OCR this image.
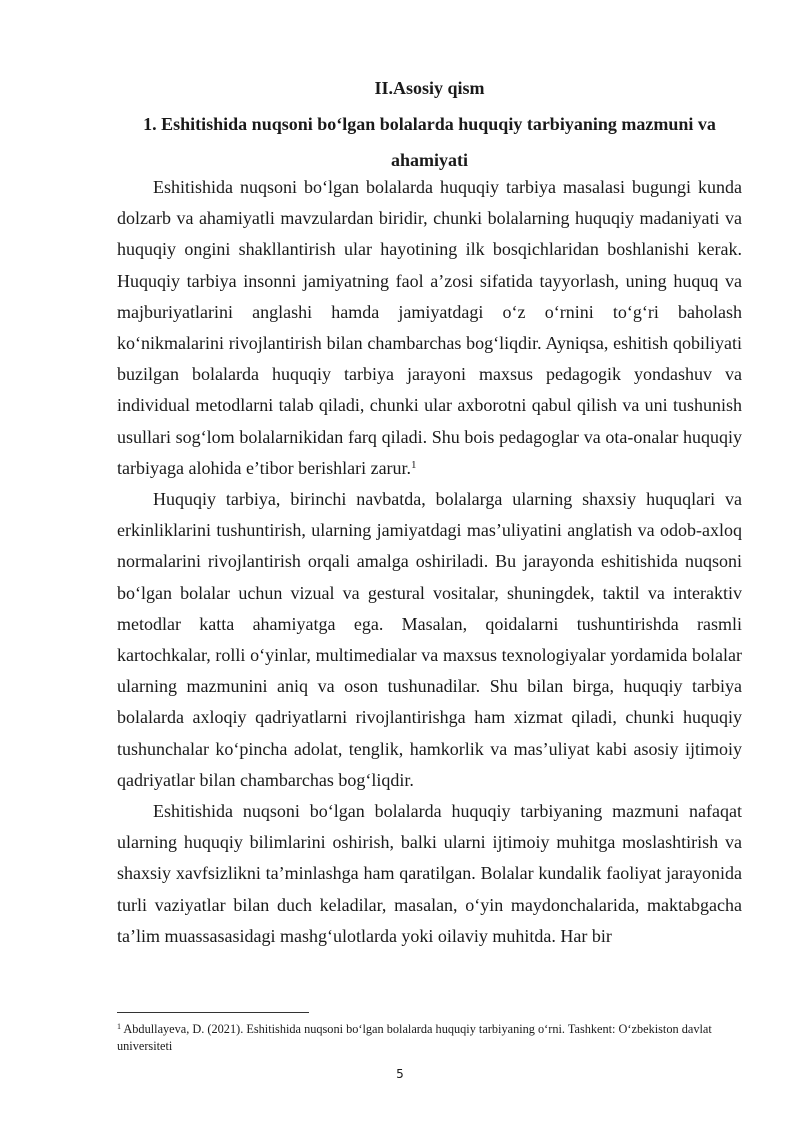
II.Asosiy qism

1. Eshitishida nuqsoni bo‘lgan bolalarda huquqiy tarbiyaning mazmuni va
ahamiyati

Eshitishida nuqsoni bo‘lgan bolalarda huquqiy tarbiya masalasi bugungi kunda dolzarb va ahamiyatli mavzulardan biridir, chunki bolalarning huquqiy madaniyati va huquqiy ongini shakllantirish ular hayotining ilk bosqichlaridan boshlanishi kerak. Huquqiy tarbiya insonni jamiyatning faol a’zosi sifatida tayyorlash, uning huquq va majburiyatlarini anglashi hamda jamiyatdagi o‘z o‘rnini to‘g‘ri baholash ko‘nikmalarini rivojlantirish bilan chambarchas bog‘liqdir. Ayniqsa, eshitish qobiliyati buzilgan bolalarda huquqiy tarbiya jarayoni maxsus pedagogik yondashuv va individual metodlarni talab qiladi, chunki ular axborotni qabul qilish va uni tushunish usullari sog‘lom bolalarnikidan farq qiladi. Shu bois pedagoglar va ota-onalar huquqiy tarbiyaga alohida e’tibor berishlari zarur.$^1$

Huquqiy tarbiya, birinchi navbatda, bolalarga ularning shaxsiy huquqlari va erkinliklarini tushuntirish, ularning jamiyatdagi mas’uliyatini anglatish va odob-axloq normalarini rivojlantirish orqali amalga oshiriladi. Bu jarayonda eshitishida nuqsoni bo‘lgan bolalar uchun vizual va gestural vositalar, shuningdek, taktil va interaktiv metodlar katta ahamiyatga ega. Masalan, qoidalarni tushuntirishda rasmli kartochkalar, rolli o‘yinlar, multimedialar va maxsus texnologiyalar yordamida bolalar ularning mazmunini aniq va oson tushunadilar. Shu bilan birga, huquqiy tarbiya bolalarda axloqiy qadriyatlarni rivojlantirishga ham xizmat qiladi, chunki huquqiy tushunchalar ko‘pincha adolat, tenglik, hamkorlik va mas’uliyat kabi asosiy ijtimoiy qadriyatlar bilan chambarchas bog‘liqdir.

Eshitishida nuqsoni bo‘lgan bolalarda huquqiy tarbiyaning mazmuni nafaqat ularning huquqiy bilimlarini oshirish, balki ularni ijtimoiy muhitga moslashtirish va shaxsiy xavfsizlikni ta’minlashga ham qaratilgan. Bolalar kundalik faoliyat jarayonida turli vaziyatlar bilan duch keladilar, masalan, o‘yin maydonchalarida, maktabgacha ta’lim muassasasidagi mashg‘ulotlarda yoki oilaviy muhitda. Har bir

$^1$ Abdullayeva, D. (2021). Eshitishida nuqsoni bo‘lgan bolalarda huquqiy tarbiyaning o‘rni. Tashkent: O‘zbekiston davlat universiteti

5
